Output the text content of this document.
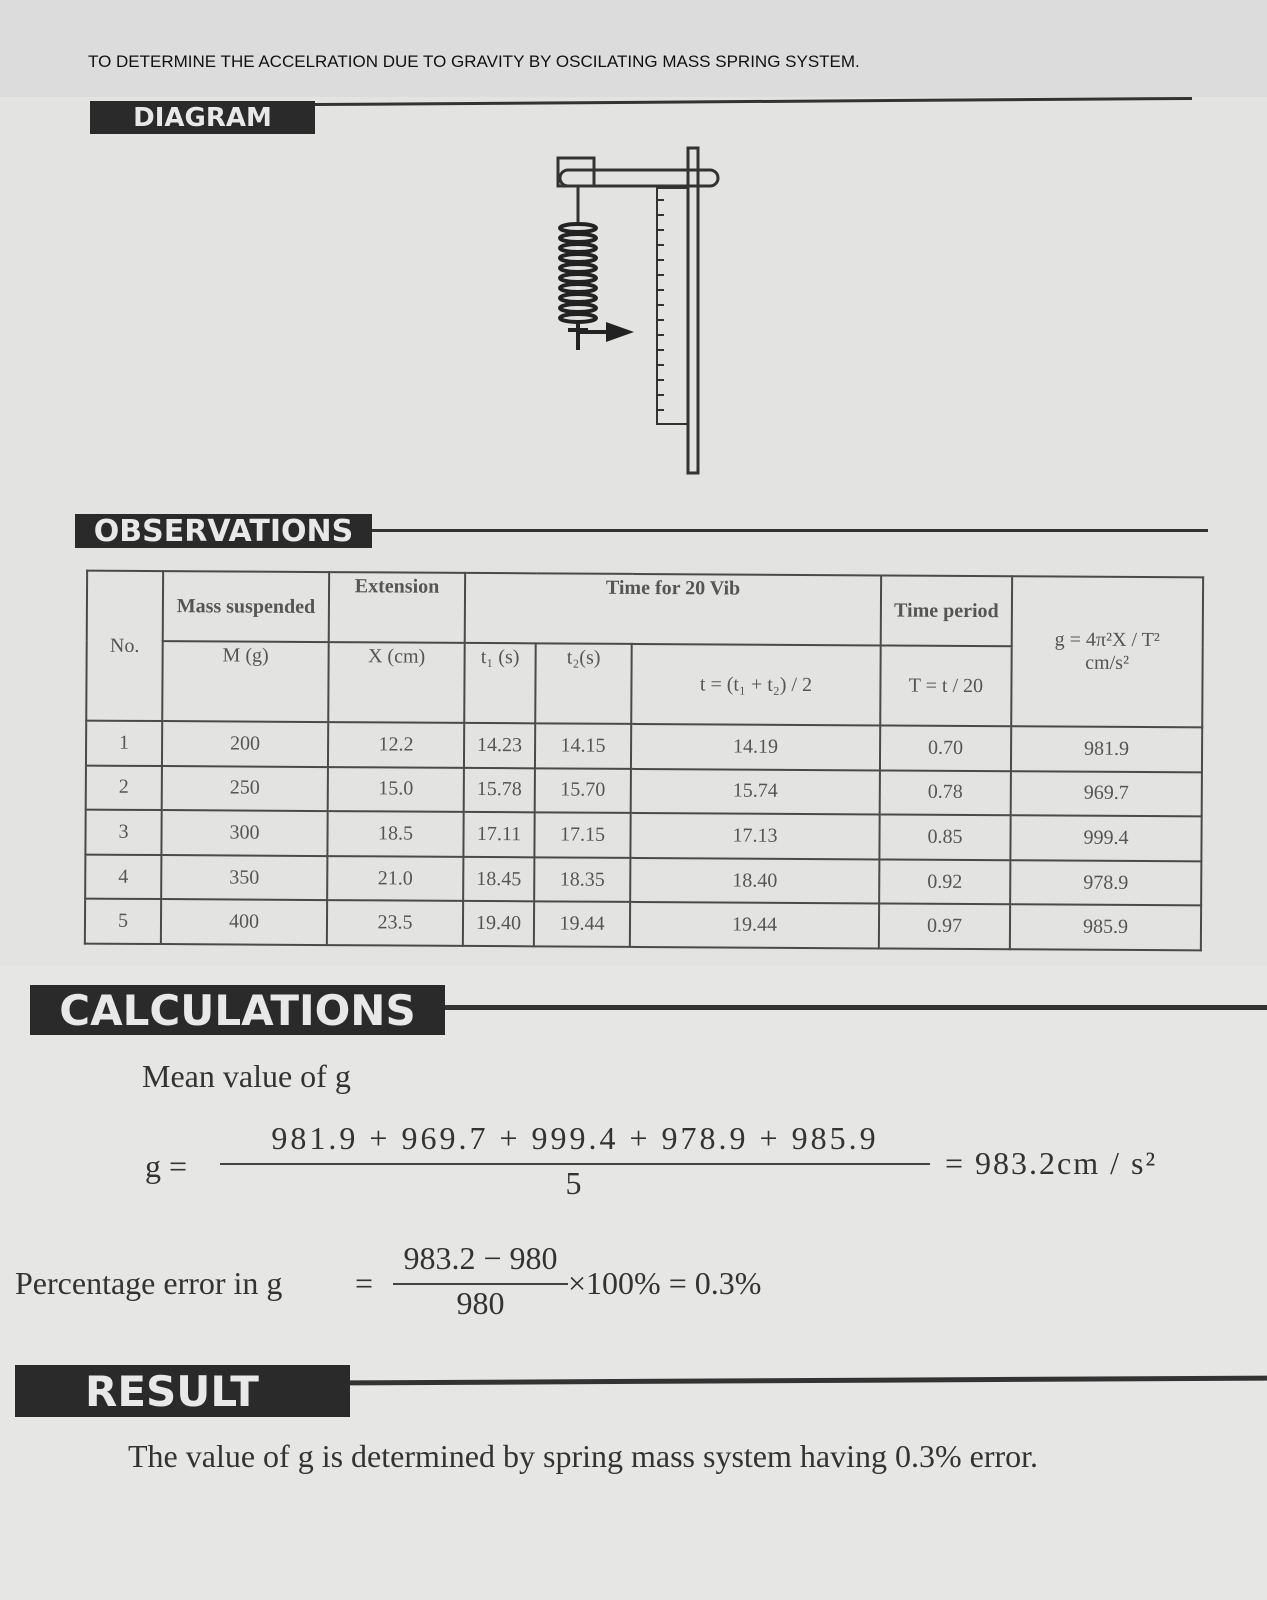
TO DETERMINE THE ACCELRATION DUE TO GRAVITY BY OSCILATING MASS SPRING SYSTEM.
DIAGRAM
OBSERVATIONS
No.	Mass suspended	Extension	Time for 20 Vib			Time period	g = 4π²X / T²
cm/s²

	M (g)	X (cm)	t₁ (s)	t₂(s)	t = (t₁ + t₂) / 2	T = t / 20	
1	200	12.2	14.23	14.15	14.19	0.70	981.9
2	250	15.0	15.78	15.70	15.74	0.78	969.7
3	300	18.5	17.11	17.15	17.13	0.85	999.4
4	350	21.0	18.45	18.35	18.40	0.92	978.9
5	400	23.5	19.40	19.44	19.44	0.97	985.9
CALCULATIONS
Mean value of g
$g = \frac{981.9 + 969.7 + 999.4 + 978.9 + 985.9}{5} = 983.2cm / s^2$
Percentage error in $g = \frac{983.2 - 980}{980} \times 100\% = 0.3\%$
RESULT
The value of g is determined by spring mass system having 0.3% error.
